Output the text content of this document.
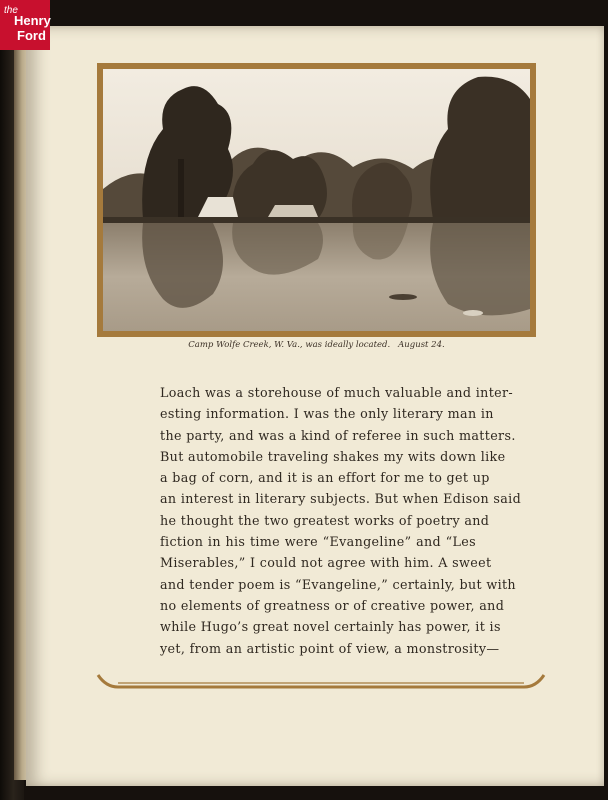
the
Henry
Ford
Camp Wolfe Creek, W. Va., was ideally located. August 24.
Loach was a storehouse of much valuable and inter-
esting information. I was the only literary man in
the party, and was a kind of referee in such matters.
But automobile traveling shakes my wits down like
a bag of corn, and it is an effort for me to get up
an interest in literary subjects. But when Edison said
he thought the two greatest works of poetry and
fiction in his time were “Evangeline” and “Les
Miserables,” I could not agree with him. A sweet
and tender poem is “Evangeline,” certainly, but with
no elements of greatness or of creative power, and
while Hugo’s great novel certainly has power, it is
yet, from an artistic point of view, a monstrosity—
